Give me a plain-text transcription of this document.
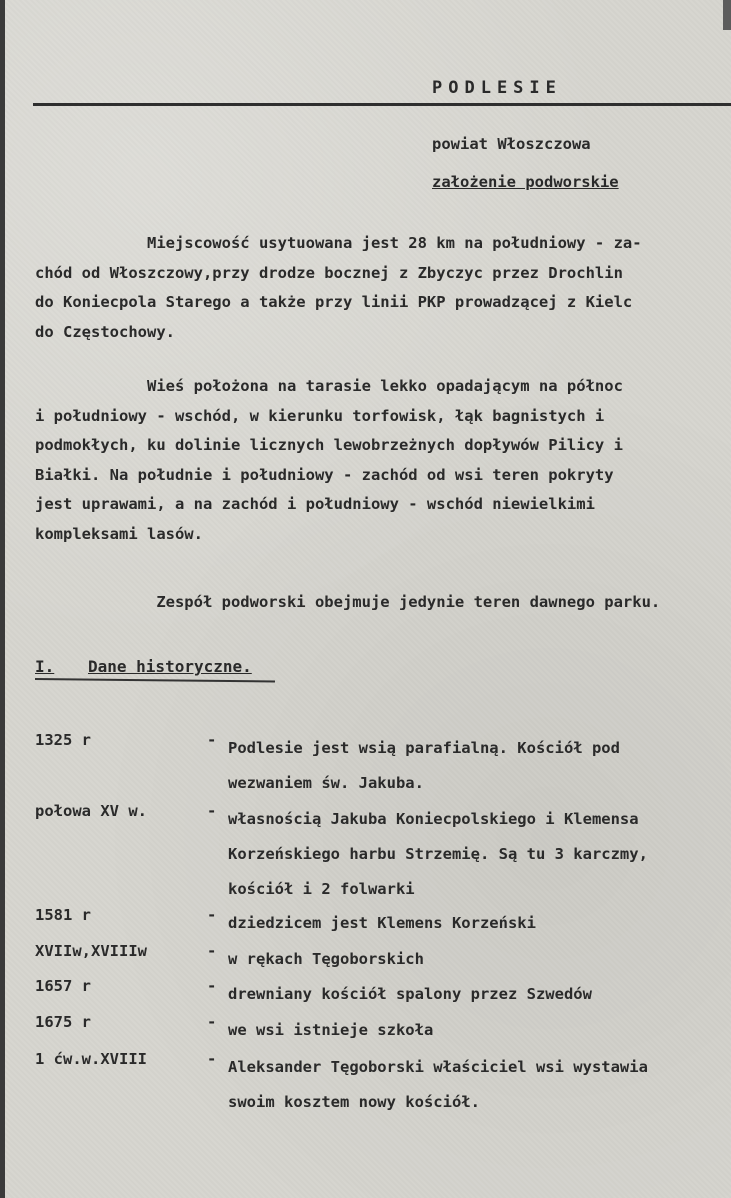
PODLESIE
powiat Włoszczowa
założenie podworskie
Miejscowość usytuowana jest 28 km na południowy - za-
chód od Włoszczowy,przy drodze bocznej z Zbyczyc przez Drochlin
do Koniecpola Starego a także przy linii PKP prowadzącej z Kielc
do Częstochowy.
Wieś położona na tarasie lekko opadającym na północ
i południowy - wschód, w kierunku torfowisk, łąk bagnistych i
podmokłych, ku dolinie licznych lewobrzeżnych dopływów Pilicy i
Białki. Na południe i południowy - zachód od wsi teren pokryty
jest uprawami, a na zachód i południowy - wschód niewielkimi
kompleksami lasów.
Zespół podworski obejmuje jedynie teren dawnego parku.
I. Dane historyczne.
1325 r	- Podlesie jest wsią parafialną. Kościół pod
wezwaniem św. Jakuba.
połowa XV w.	- własnością Jakuba Koniecpolskiego i Klemensa
Korzeńskiego harbu Strzemię. Są tu 3 karczmy,
kościół i 2 folwarki
1581 r	- dziedzicem jest Klemens Korzeński
XVIIw,XVIIIw	- w rękach Tęgoborskich
1657 r	- drewniany kościół spalony przez Szwedów
1675 r	- we wsi istnieje szkoła
1 ćw.w.XVIII	- Aleksander Tęgoborski właściciel wsi wystawia
swoim kosztem nowy kościół.
